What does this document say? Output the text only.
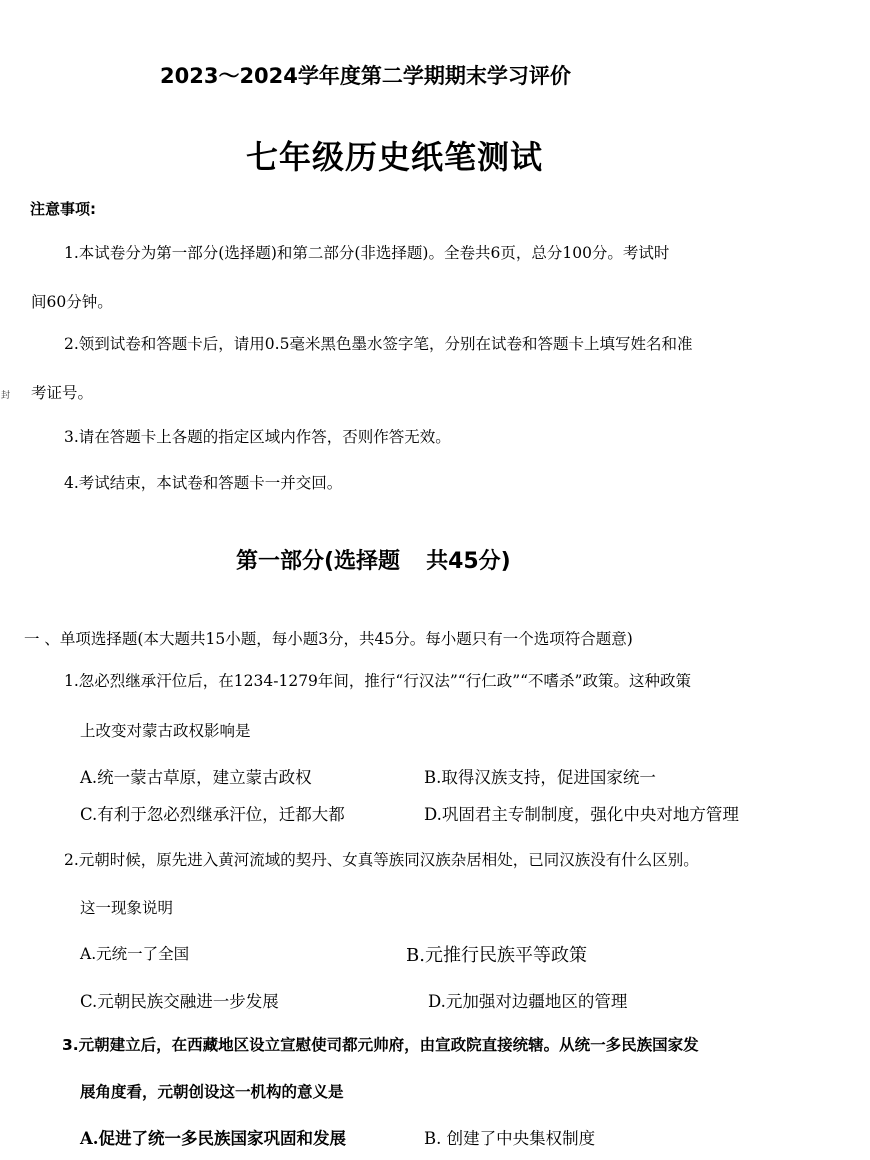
2023～2024学年度第二学期期末学习评价
七年级历史纸笔测试
注意事项:
1.本试卷分为第一部分(选择题)和第二部分(非选择题)。全卷共6页，总分100分。考试时
间60分钟。
2.领到试卷和答题卡后，请用0.5毫米黑色墨水签字笔，分别在试卷和答题卡上填写姓名和准
考证号。
3.请在答题卡上各题的指定区域内作答，否则作答无效。
4.考试结束，本试卷和答题卡一并交回。
封
第一部分(选择题 共45分)
一 、单项选择题(本大题共15小题，每小题3分，共45分。每小题只有一个选项符合题意)
1.忽必烈继承汗位后，在1234-1279年间，推行“行汉法”“行仁政”“不嗜杀”政策。这种政策
上改变对蒙古政权影响是
A.统一蒙古草原，建立蒙古政权	B.取得汉族支持，促进国家统一
C.有利于忽必烈继承汗位，迁都大都	D.巩固君主专制制度，强化中央对地方管理
2.元朝时候，原先进入黄河流域的契丹、女真等族同汉族杂居相处，已同汉族没有什么区别。
这一现象说明
A.元统一了全国	B.元推行民族平等政策
C.元朝民族交融进一步发展	D.元加强对边疆地区的管理
3.元朝建立后，在西藏地区设立宣慰使司都元帅府，由宣政院直接统辖。从统一多民族国家发
展角度看，元朝创设这一机构的意义是
A.促进了统一多民族国家巩固和发展	B. 创建了中央集权制度
